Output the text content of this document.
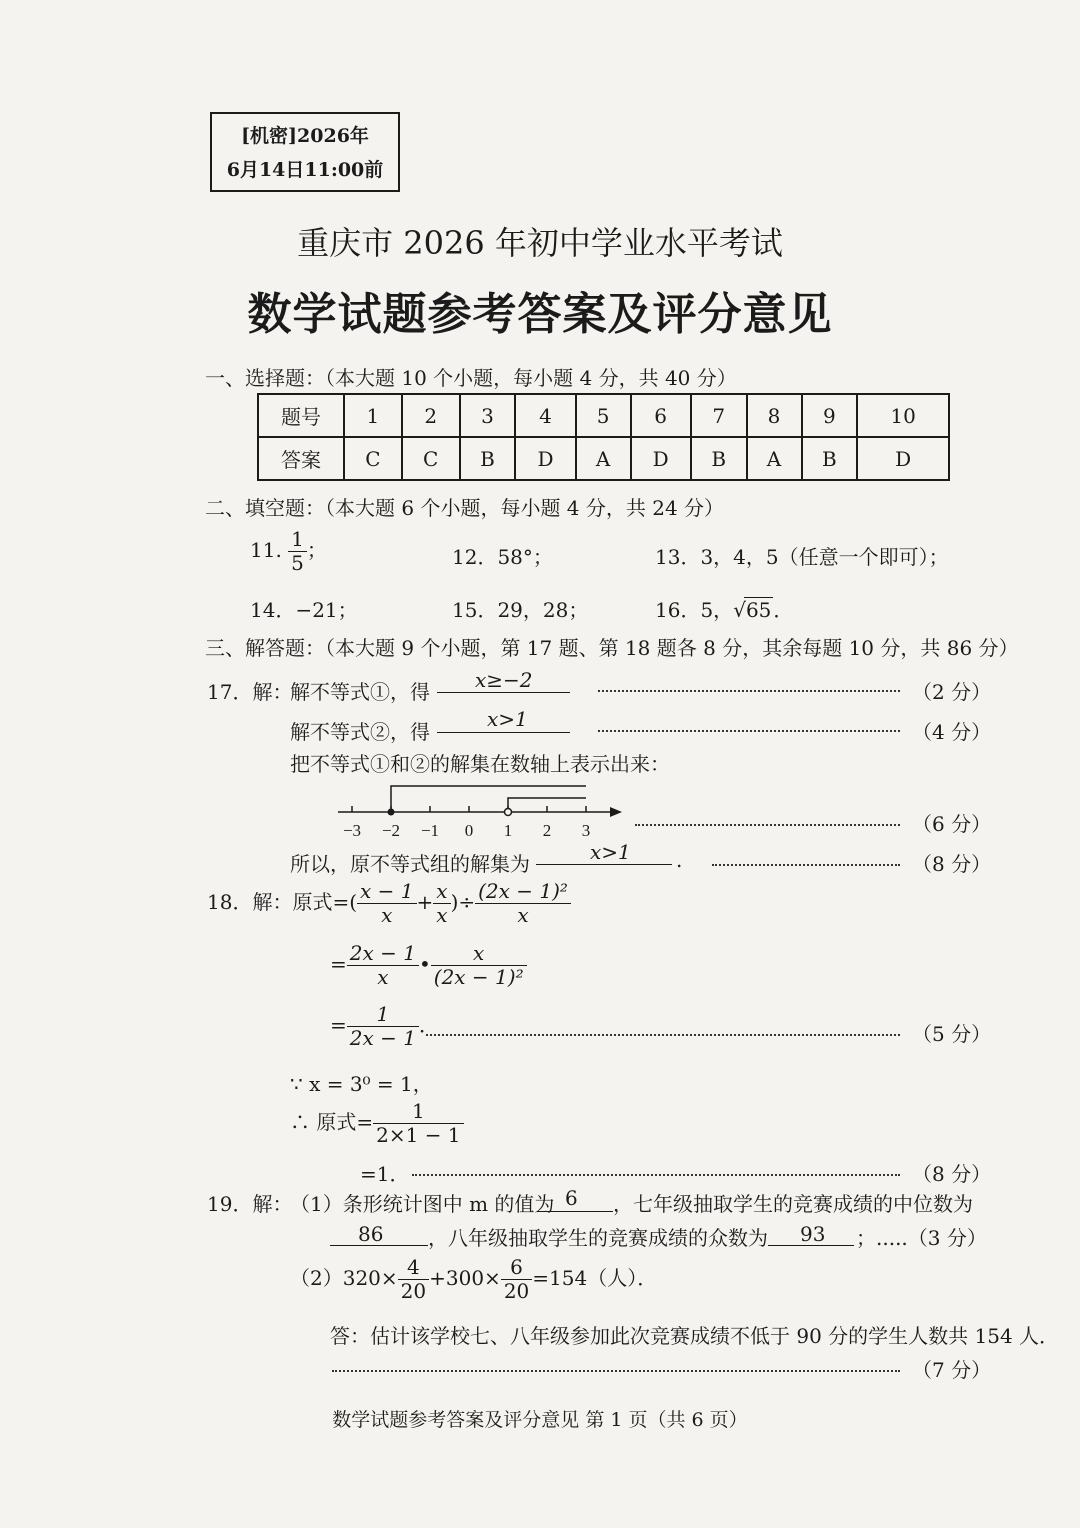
[机密]2026年
6月14日11:00前
重庆市 2026 年初中学业水平考试
数学试题参考答案及评分意见
一、选择题：（本大题 10 个小题，每小题 4 分，共 40 分）
题号	1	2	3	4	5	6	7	8	9	10
答案	C	C	B	D	A	D	B	A	B	D
二、填空题：（本大题 6 个小题，每小题 4 分，共 24 分）
11. $\frac{1}{5}$ ；	12．58°；	13．3，4，5（任意一个即可）；
14．−21；	15．29，28；	16．5，√65 ．
三、解答题：（本大题 9 个小题，第 17 题、第 18 题各 8 分，其余每题 10 分，共 86 分）
17．解：
解不等式①，得 x≥−2	（2 分）
解不等式②，得
x>1
（4 分）
把不等式①和②的解集在数轴上表示出来：
−3 −2 −1 0 1 2 3	（6 分）
所以，原不等式组的解集为	x>1 .	（8 分）
18．解：原式=( $\frac{x - 1}{x} + \frac{x}{x}$ )÷ $\frac{\text{(2x − 1)²}}{x}$
= $\frac{2x - 1}{x}$ • $\frac{x}{\text{(2x − 1)²}}$
= $\frac{1}{2x - 1}$ ．	（5 分）
∵ x = 3⁰ = 1，
∴ 原式= $\frac{1}{2\times 1 - 1}$
=1．	（8 分）
19．解：
（1）条形统计图中 m 的值为 6 ，七年级抽取学生的竞赛成绩的中位数为
86 ，八年级抽取学生的竞赛成绩的众数为 93 ；.....（3 分）
$(2)320\times \frac{4}{20} +300\times \frac{6}{20} =154$（人）．
答：估计该学校七、八年级参加此次竞赛成绩不低于 90 分的学生人数共 154 人．
（7 分）
数学试题参考答案及评分意见 第 1 页（共 6 页）
